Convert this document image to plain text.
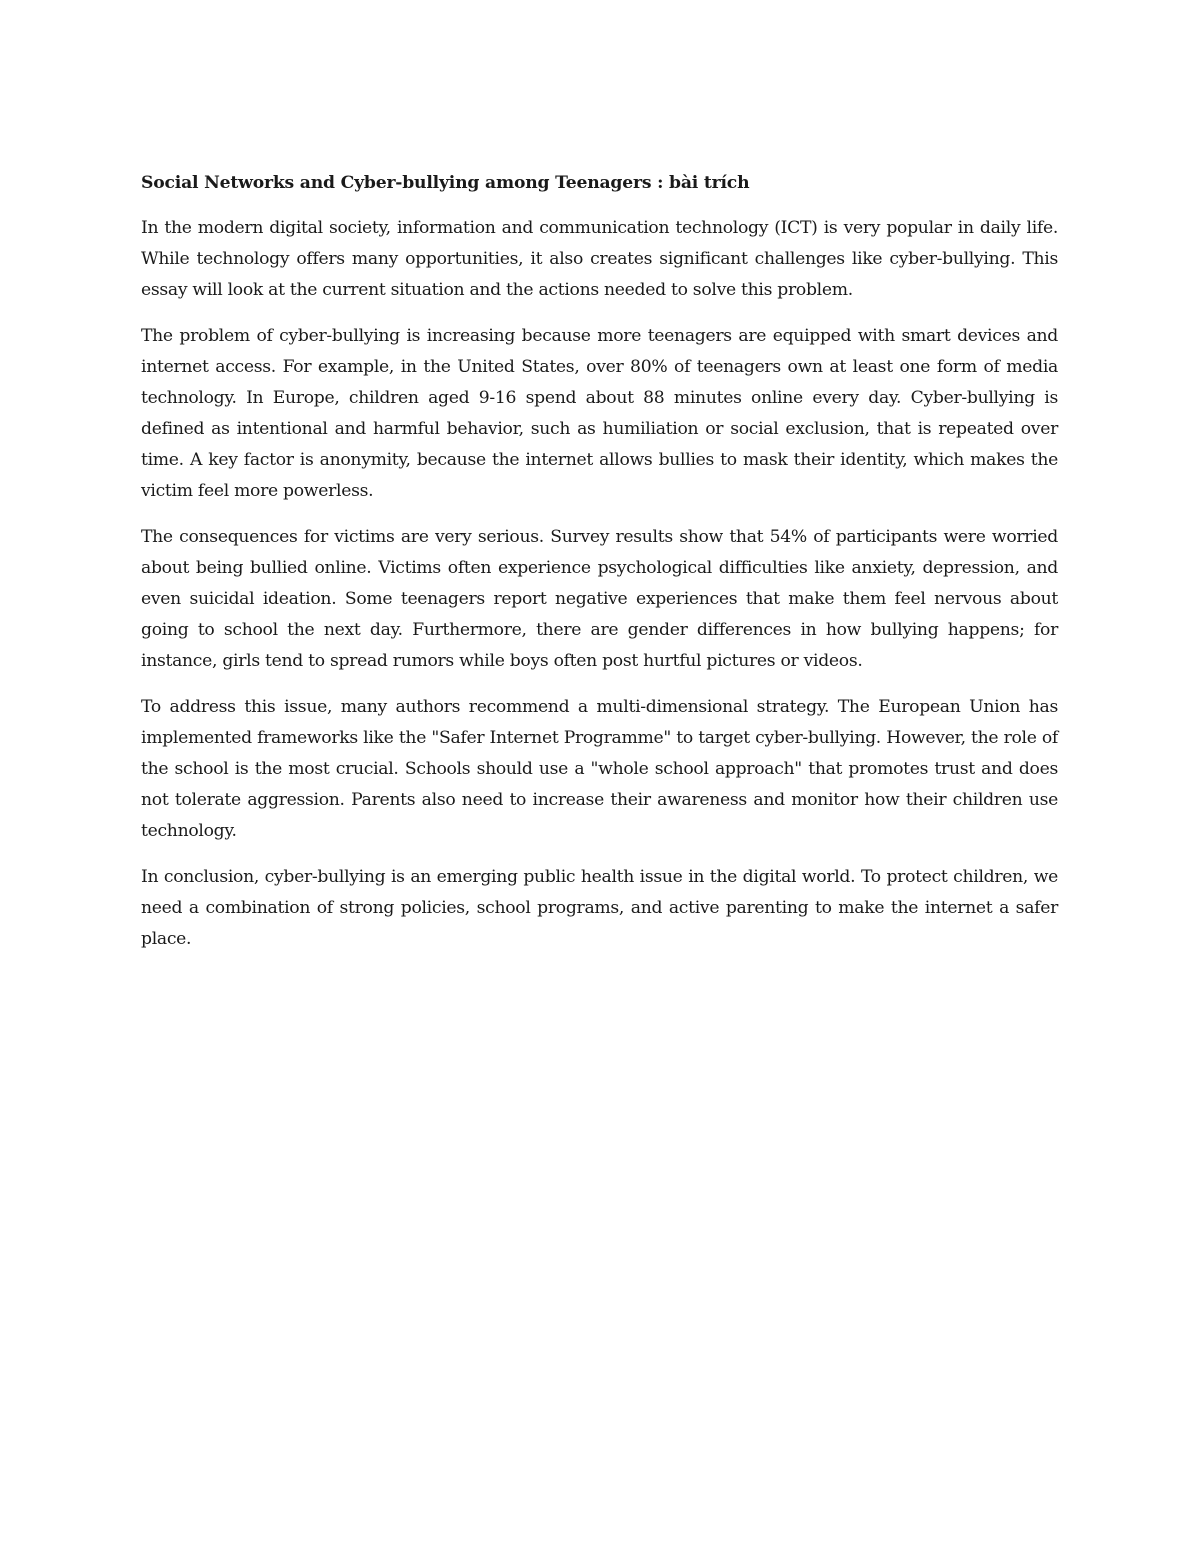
Social Networks and Cyber-bullying among Teenagers : bài trích

In the modern digital society, information and communication technology (ICT) is very popular in daily life. While technology offers many opportunities, it also creates significant challenges like cyber-bullying. This essay will look at the current situation and the actions needed to solve this problem.

The problem of cyber-bullying is increasing because more teenagers are equipped with smart devices and internet access. For example, in the United States, over 80% of teenagers own at least one form of media technology. In Europe, children aged 9-16 spend about 88 minutes online every day. Cyber-bullying is defined as intentional and harmful behavior, such as humiliation or social exclusion, that is repeated over time. A key factor is anonymity, because the internet allows bullies to mask their identity, which makes the victim feel more powerless.

The consequences for victims are very serious. Survey results show that 54% of participants were worried about being bullied online. Victims often experience psychological difficulties like anxiety, depression, and even suicidal ideation. Some teenagers report negative experiences that make them feel nervous about going to school the next day. Furthermore, there are gender differences in how bullying happens; for instance, girls tend to spread rumors while boys often post hurtful pictures or videos.

To address this issue, many authors recommend a multi-dimensional strategy. The European Union has implemented frameworks like the "Safer Internet Programme" to target cyber-bullying. However, the role of the school is the most crucial. Schools should use a "whole school approach" that promotes trust and does not tolerate aggression. Parents also need to increase their awareness and monitor how their children use technology.

In conclusion, cyber-bullying is an emerging public health issue in the digital world. To protect children, we need a combination of strong policies, school programs, and active parenting to make the internet a safer place.
